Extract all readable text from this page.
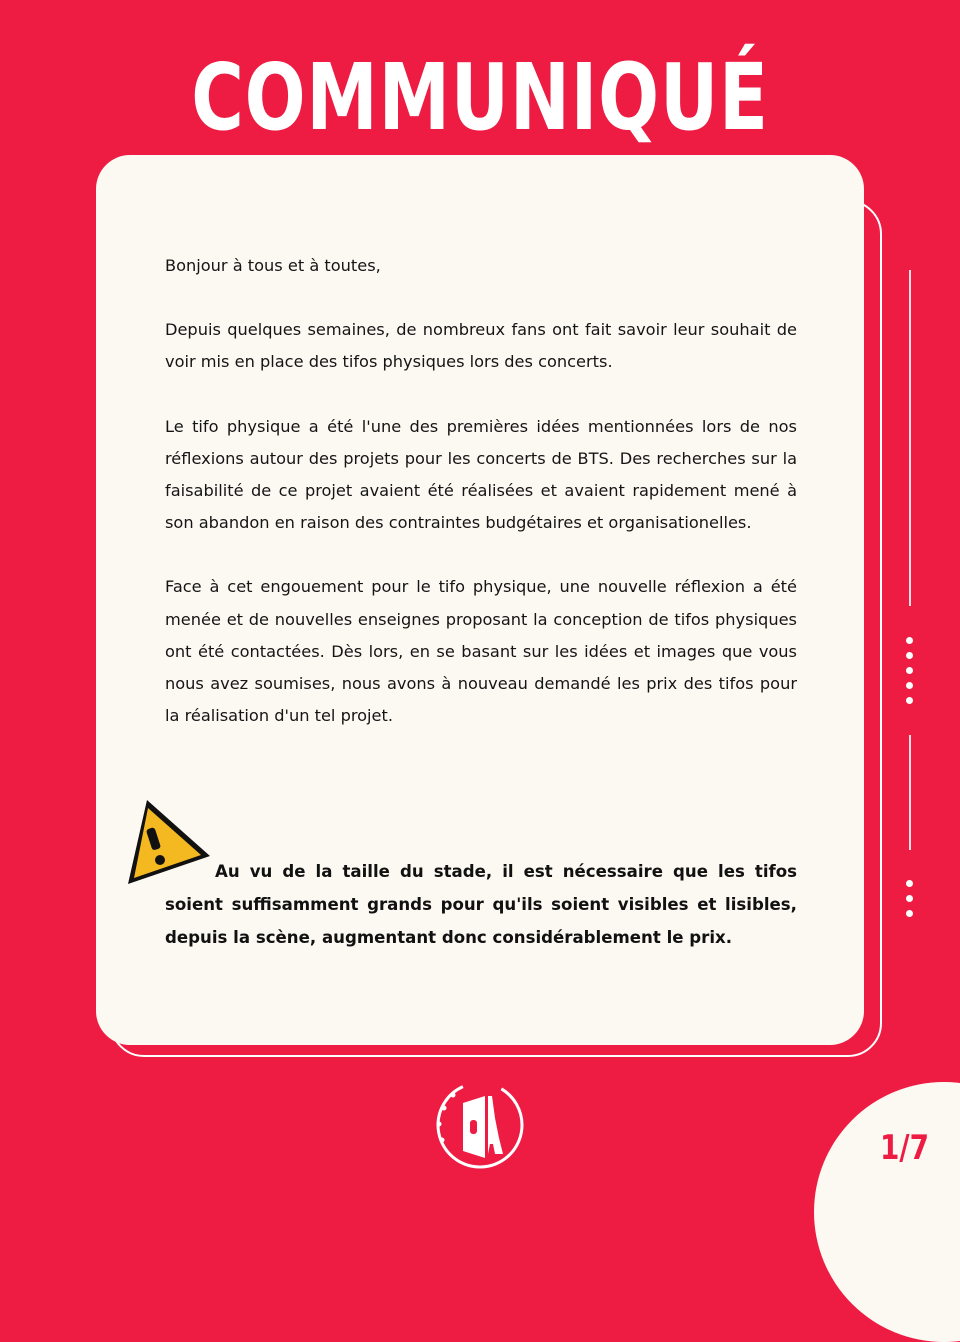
COMMUNIQUÉ

Bonjour à tous et à toutes,

Depuis quelques semaines, de nombreux fans ont fait savoir leur souhait de voir mis en place des tifos physiques lors des concerts.

Le tifo physique a été l'une des premières idées mentionnées lors de nos réflexions autour des projets pour les concerts de BTS. Des recherches sur la faisabilité de ce projet avaient été réalisées et avaient rapidement mené à son abandon en raison des contraintes budgétaires et organisationelles.

Face à cet engouement pour le tifo physique, une nouvelle réflexion a été menée et de nouvelles enseignes proposant la conception de tifos physiques ont été contactées. Dès lors, en se basant sur les idées et images que vous nous avez soumises, nous avons à nouveau demandé les prix des tifos pour la réalisation d'un tel projet.

Au vu de la taille du stade, il est nécessaire que les tifos soient suffisamment grands pour qu'ils soient visibles et lisibles, depuis la scène, augmentant donc considérablement le prix.

1/7
